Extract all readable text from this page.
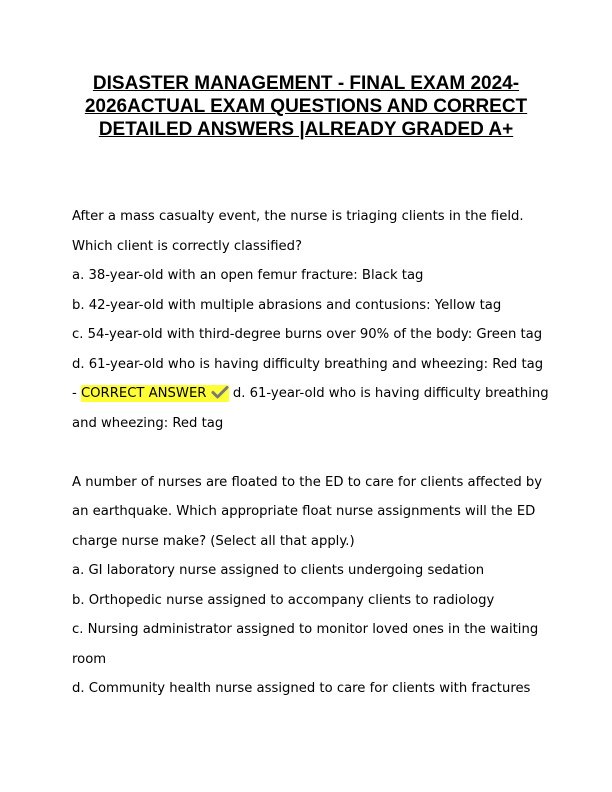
DISASTER MANAGEMENT - FINAL EXAM 2024-2026ACTUAL EXAM QUESTIONS AND CORRECT DETAILED ANSWERS |ALREADY GRADED A+

After a mass casualty event, the nurse is triaging clients in the field. Which client is correctly classified?

a. 38-year-old with an open femur fracture: Black tag

b. 42-year-old with multiple abrasions and contusions: Yellow tag

c. 54-year-old with third-degree burns over 90% of the body: Green tag

d. 61-year-old who is having difficulty breathing and wheezing: Red tag

- CORRECT ANSWER d. 61-year-old who is having difficulty breathing and wheezing: Red tag

A number of nurses are floated to the ED to care for clients affected by an earthquake. Which appropriate float nurse assignments will the ED charge nurse make? (Select all that apply.)

a. GI laboratory nurse assigned to clients undergoing sedation

b. Orthopedic nurse assigned to accompany clients to radiology

c. Nursing administrator assigned to monitor loved ones in the waiting room

d. Community health nurse assigned to care for clients with fractures
